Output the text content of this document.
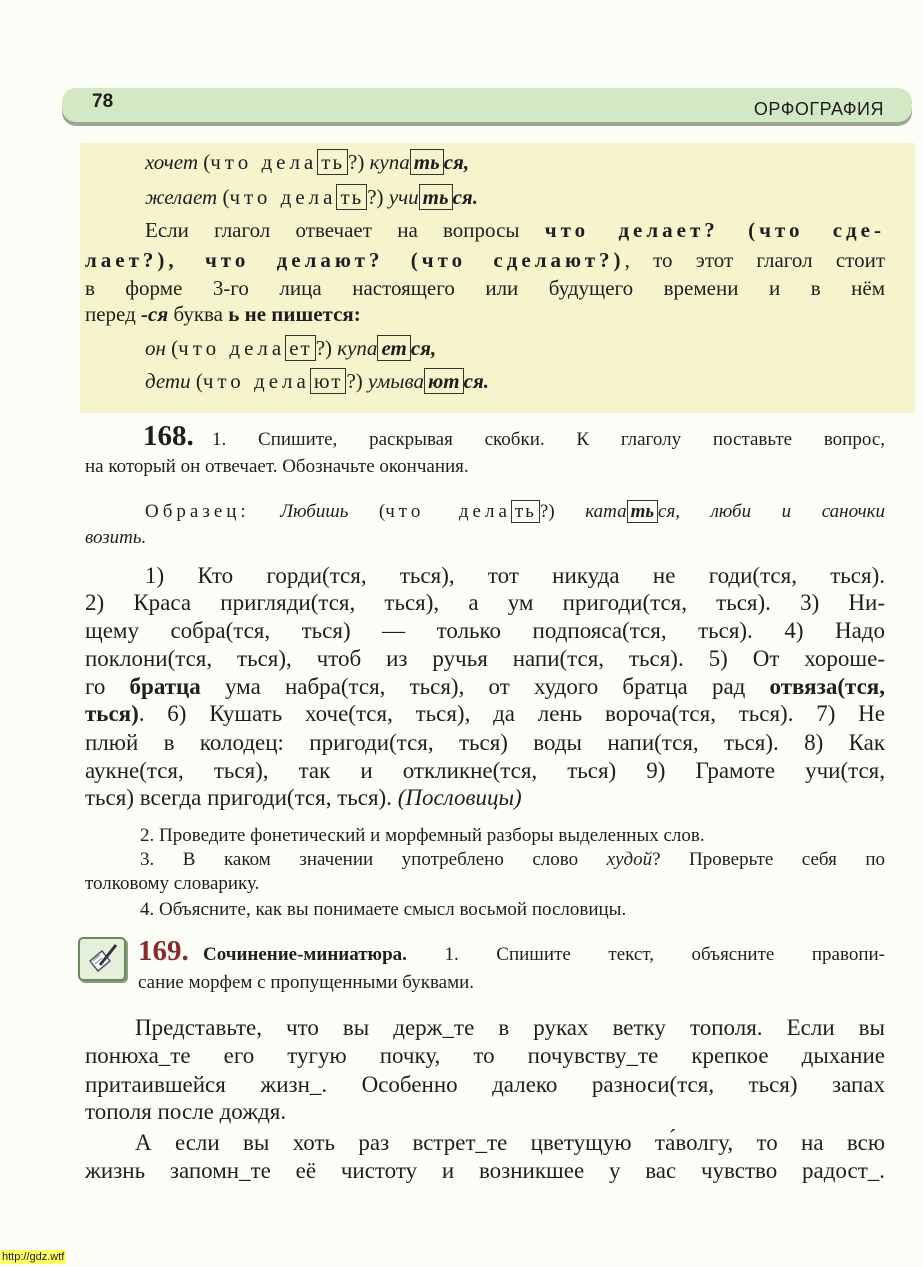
78	ОРФОГРАФИЯ
хочет (что дела ть ?) купа ть ся,
желает (что дела ть ?) учи ть ся.
Если глагол отвечает на вопросы что делает? (что сде-
лает?), что делают? (что сделают?), то этот глагол стоит
в форме 3-го лица настоящего или будущего времени и в нём
перед -ся буква ь не пишется:
он (что дела ет ?) купа ет ся,
дети (что дела ют ?) умыва ют ся.
168. 1. Спишите, раскрывая скобки. К глаголу поставьте вопрос,
на который он отвечает. Обозначьте окончания.
Образец: Любишь (что дела ть ?) ката ть ся, люби и саночки
возить.
1) Кто горди(тся, ться), тот никуда не годи(тся, ться).
2) Краса пригляди(тся, ться), а ум пригоди(тся, ться). 3) Ни-
щему собра(тся, ться) — только подпояса(тся, ться). 4) Надо
поклони(тся, ться), чтоб из ручья напи(тся, ться). 5) От хороше-
го братца ума набра(тся, ться), от худого братца рад отвяза(тся,
ться). 6) Кушать хоче(тся, ться), да лень вороча(тся, ться). 7) Не
плюй в колодец: пригоди(тся, ться) воды напи(тся, ться). 8) Как
аукне(тся, ться), так и откликне(тся, ться) 9) Грамоте учи(тся,
ться) всегда пригоди(тся, ться). (Пословицы)
2. Проведите фонетический и морфемный разборы выделенных слов.
3. В каком значении употреблено слово худой? Проверьте себя по
толковому словарику.
4. Объясните, как вы понимаете смысл восьмой пословицы.
169. Сочинение-миниатюра. 1. Спишите текст, объясните правопи-
сание морфем с пропущенными буквами.
Представьте, что вы держ_те в руках ветку тополя. Если вы
понюха_те его тугую почку, то почувству_те крепкое дыхание
притаившейся жизн_. Особенно далеко разноси(тся, ться) запах
тополя после дождя.
А если вы хоть раз встрет_те цветущую та́волгу, то на всю
жизнь запомн_те её чистоту и возникшее у вас чувство радост_.
http://gdz.wtf
